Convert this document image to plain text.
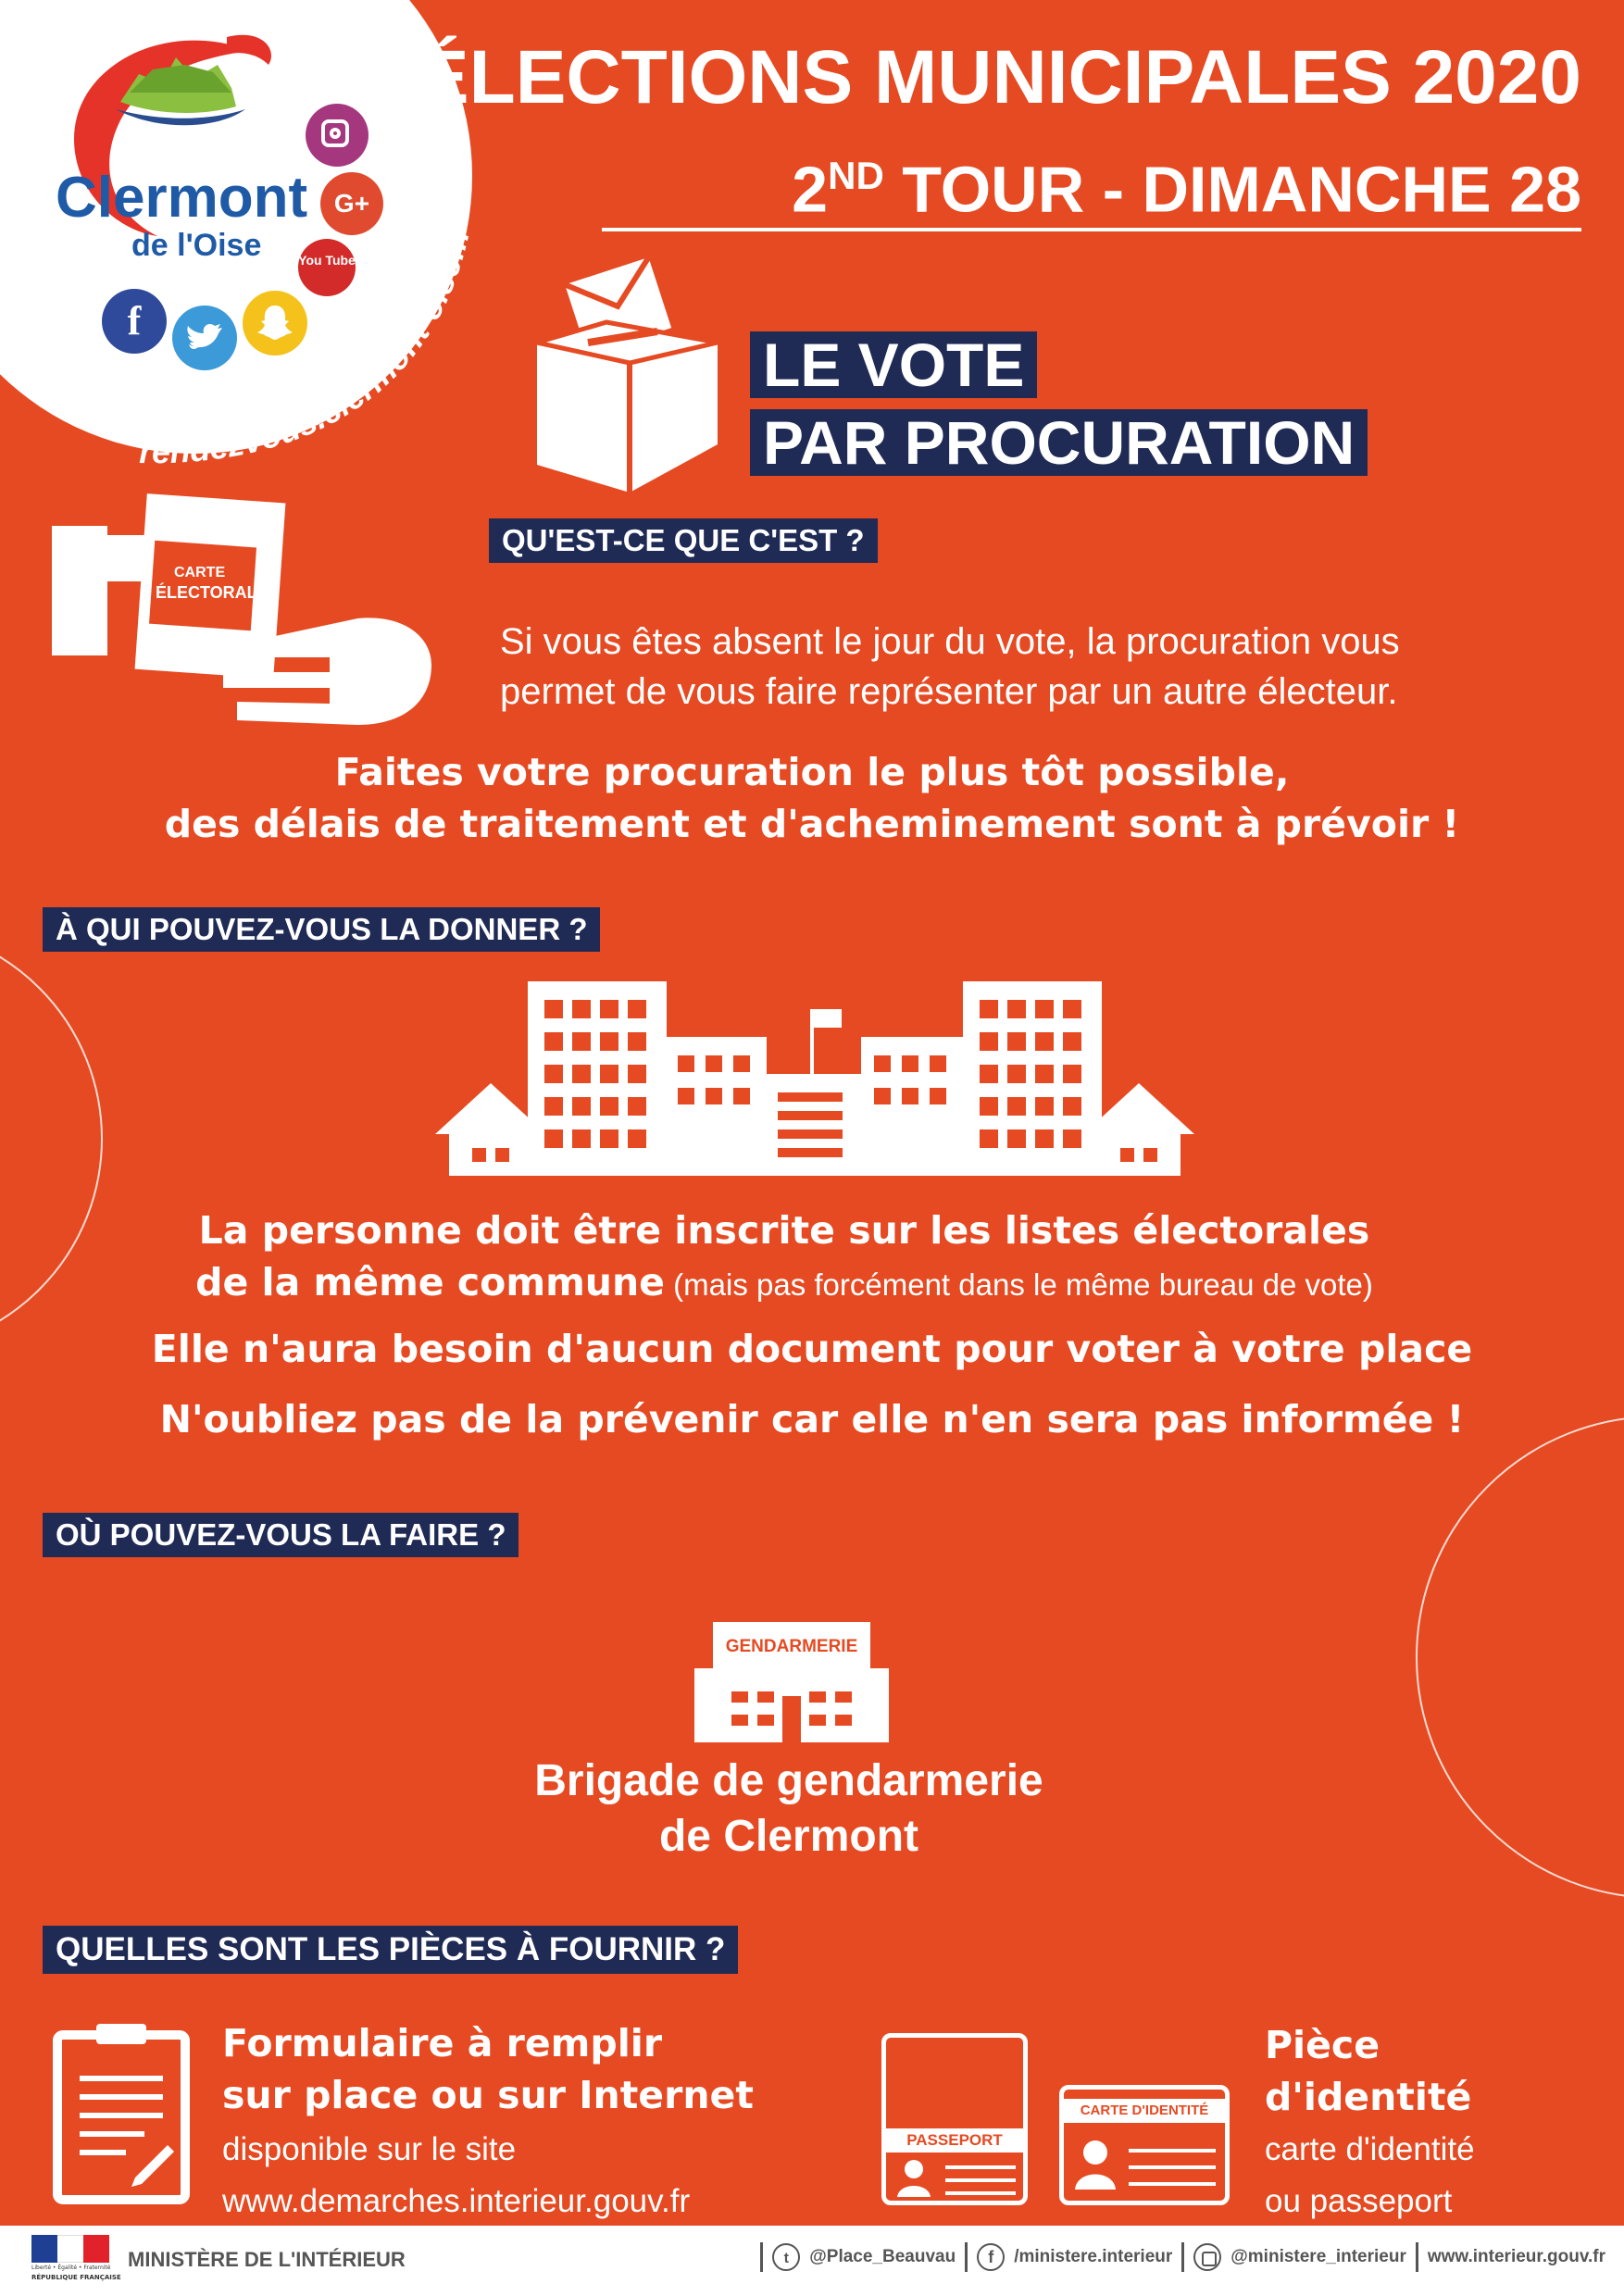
Clermont
de l'Oise
G+
You Tube
f
www.clermont-oise.fr
rendezvous.clermont-oise.fr
ÉLECTIONS MUNICIPALES 2020
2ND TOUR - DIMANCHE 28
LE VOTE
PAR PROCURATION
CARTE
ÉLECTORALE
QU'EST-CE QUE C'EST ?
Si vous êtes absent le jour du vote, la procuration vous
permet de vous faire représenter par un autre électeur.
Faites votre procuration le plus tôt possible,
des délais de traitement et d'acheminement sont à prévoir !
À QUI POUVEZ-VOUS LA DONNER ?
La personne doit être inscrite sur les listes électorales
de la même commune (mais pas forcément dans le même bureau de vote)
Elle n'aura besoin d'aucun document pour voter à votre place
N'oubliez pas de la prévenir car elle n'en sera pas informée !
OÙ POUVEZ-VOUS LA FAIRE ?
GENDARMERIE
Brigade de gendarmerie
de Clermont
QUELLES SONT LES PIÈCES À FOURNIR ?
Formulaire à remplir
sur place ou sur Internet
disponible sur le site
www.demarches.interieur.gouv.fr
PASSEPORT
CARTE D'IDENTITÉ
Pièce
d'identité
carte d'identité
ou passeport
Liberté • Égalité • Fraternité
RÉPUBLIQUE FRANÇAISE
MINISTÈRE DE L'INTÉRIEUR	t	@Place_Beauvau	f	/ministere.interieur	@ministere_interieur www.interieur.gouv.fr
